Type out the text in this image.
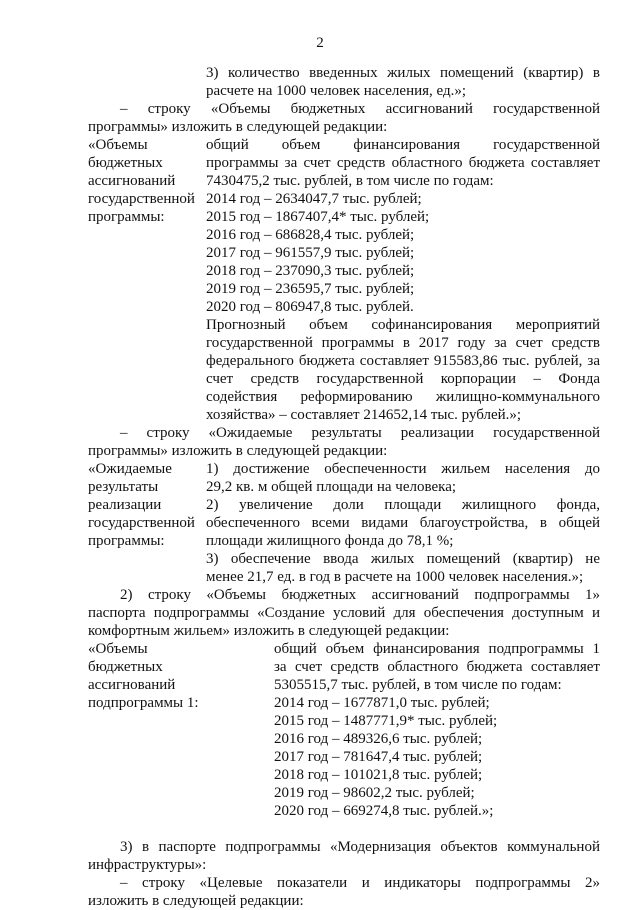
2
3) количество введенных жилых помещений (квартир) в
расчете на 1000 человек населения, ед.»;
– строку «Объемы бюджетных ассигнований государственной
программы» изложить в следующей редакции:
«Объемы
бюджетных
ассигнований
государственной
программы:
общий объем финансирования государственной
программы за счет средств областного бюджета составляет
7430475,2 тыс. рублей, в том числе по годам:
2014 год – 2634047,7 тыс. рублей;
2015 год – 1867407,4* тыс. рублей;
2016 год – 686828,4 тыс. рублей;
2017 год – 961557,9 тыс. рублей;
2018 год – 237090,3 тыс. рублей;
2019 год – 236595,7 тыс. рублей;
2020 год – 806947,8 тыс. рублей.
Прогнозный объем софинансирования мероприятий
государственной программы в 2017 году за счет средств
федерального бюджета составляет 915583,86 тыс. рублей, за
счет средств государственной корпорации – Фонда
содействия реформированию жилищно-коммунального
хозяйства» – составляет 214652,14 тыс. рублей.»;
– строку «Ожидаемые результаты реализации государственной
программы» изложить в следующей редакции:
«Ожидаемые
результаты
реализации
государственной
программы:
1) достижение обеспеченности жильем населения до
29,2 кв. м общей площади на человека;
2) увеличение доли площади жилищного фонда,
обеспеченного всеми видами благоустройства, в общей
площади жилищного фонда до 78,1 %;
3) обеспечение ввода жилых помещений (квартир) не
менее 21,7 ед. в год в расчете на 1000 человек населения.»;
2) строку «Объемы бюджетных ассигнований подпрограммы 1»
паспорта подпрограммы «Создание условий для обеспечения доступным и
комфортным жильем» изложить в следующей редакции:
«Объемы
бюджетных
ассигнований
подпрограммы 1:
общий объем финансирования подпрограммы 1
за счет средств областного бюджета составляет
5305515,7 тыс. рублей, в том числе по годам:
2014 год – 1677871,0 тыс. рублей;
2015 год – 1487771,9* тыс. рублей;
2016 год – 489326,6 тыс. рублей;
2017 год – 781647,4 тыс. рублей;
2018 год – 101021,8 тыс. рублей;
2019 год – 98602,2 тыс. рублей;
2020 год – 669274,8 тыс. рублей.»;
3) в паспорте подпрограммы «Модернизация объектов коммунальной
инфраструктуры»:
– строку «Целевые показатели и индикаторы подпрограммы 2»
изложить в следующей редакции:
